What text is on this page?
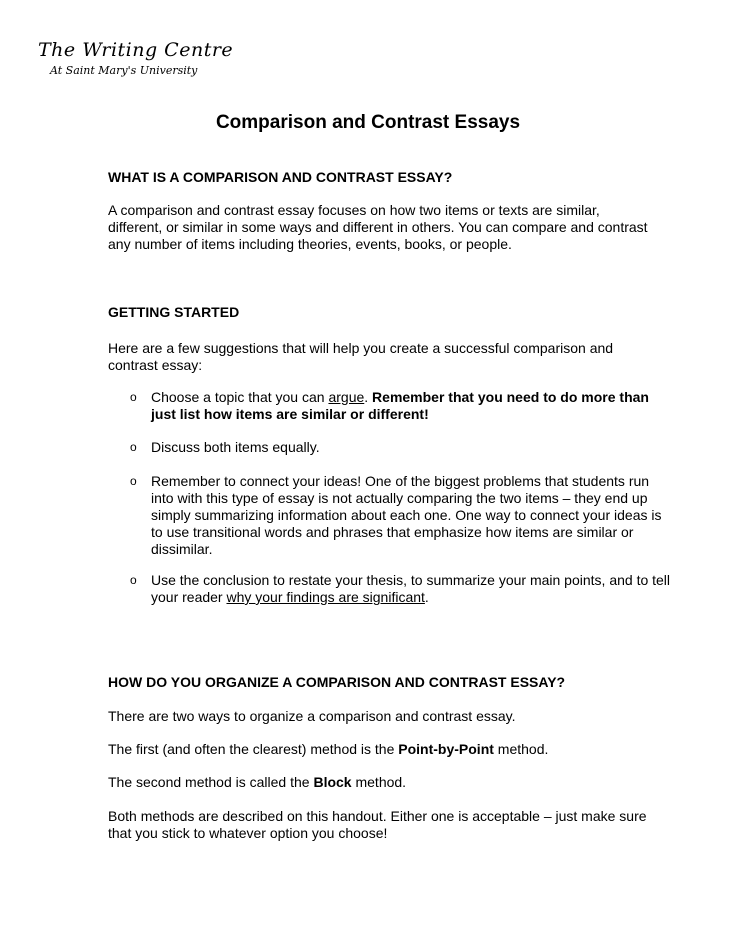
The Writing Centre
At Saint Mary's University
Comparison and Contrast Essays
WHAT IS A COMPARISON AND CONTRAST ESSAY?

A comparison and contrast essay focuses on how two items or texts are similar, different, or similar in some ways and different in others. You can compare and contrast any number of items including theories, events, books, or people.

GETTING STARTED

Here are a few suggestions that will help you create a successful comparison and contrast essay:

o Choose a topic that you can argue. Remember that you need to do more than just list how items are similar or different!
o Discuss both items equally.
o Remember to connect your ideas! One of the biggest problems that students run into with this type of essay is not actually comparing the two items – they end up simply summarizing information about each one. One way to connect your ideas is to use transitional words and phrases that emphasize how items are similar or dissimilar.
o Use the conclusion to restate your thesis, to summarize your main points, and to tell your reader why your findings are significant.
HOW DO YOU ORGANIZE A COMPARISON AND CONTRAST ESSAY?

There are two ways to organize a comparison and contrast essay.

The first (and often the clearest) method is the Point-by-Point method.

The second method is called the Block method.

Both methods are described on this handout. Either one is acceptable – just make sure that you stick to whatever option you choose!
